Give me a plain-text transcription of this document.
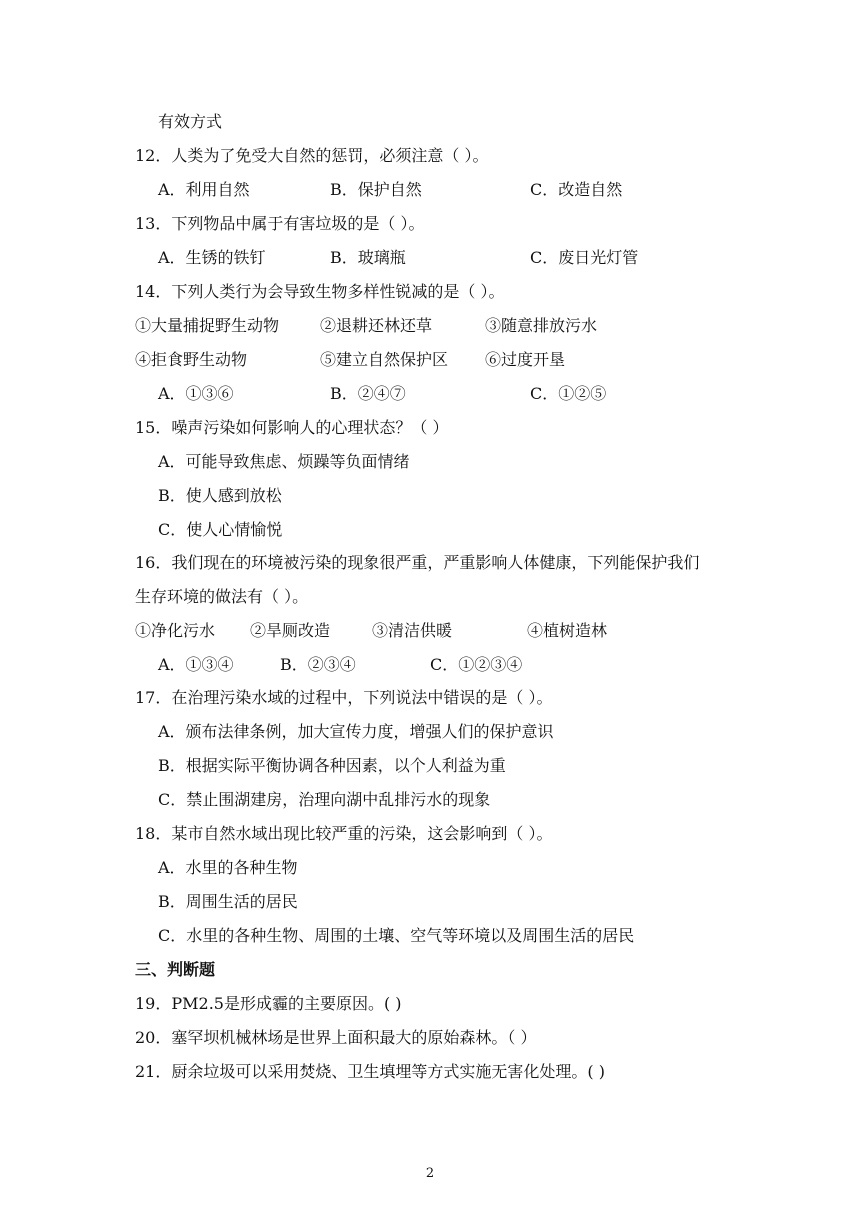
有效方式
12．人类为了免受大自然的惩罚，必须注意（ ）。
A．利用自然	B．保护自然	C．改造自然
13．下列物品中属于有害垃圾的是（ ）。
A．生锈的铁钉	B．玻璃瓶	C．废日光灯管
14．下列人类行为会导致生物多样性锐减的是（ ）。
①大量捕捉野生动物	②退耕还林还草	③随意排放污水
④拒食野生动物	⑤建立自然保护区 ⑥过度开垦
A．①③⑥	B．②④⑦	C．①②⑤
15．噪声污染如何影响人的心理状态？（ ）
A．可能导致焦虑、烦躁等负面情绪
B．使人感到放松
C．使人心情愉悦
16．我们现在的环境被污染的现象很严重，严重影响人体健康，下列能保护我们
生存环境的做法有（ ）。
①净化污水 ②旱厕改造	③清洁供暖	④植树造林
A．①③④	B．②③④	C．①②③④
17．在治理污染水域的过程中，下列说法中错误的是（ ）。
A．颁布法律条例，加大宣传力度，增强人们的保护意识
B．根据实际平衡协调各种因素，以个人利益为重
C．禁止围湖建房，治理向湖中乱排污水的现象
18．某市自然水域出现比较严重的污染，这会影响到（ ）。
A．水里的各种生物
B．周围生活的居民
C．水里的各种生物、周围的土壤、空气等环境以及周围生活的居民
三、判断题
19．PM2.5是形成霾的主要原因。( )
20．塞罕坝机械林场是世界上面积最大的原始森林。（ ）
21．厨余垃圾可以采用焚烧、卫生填埋等方式实施无害化处理。( )
2
